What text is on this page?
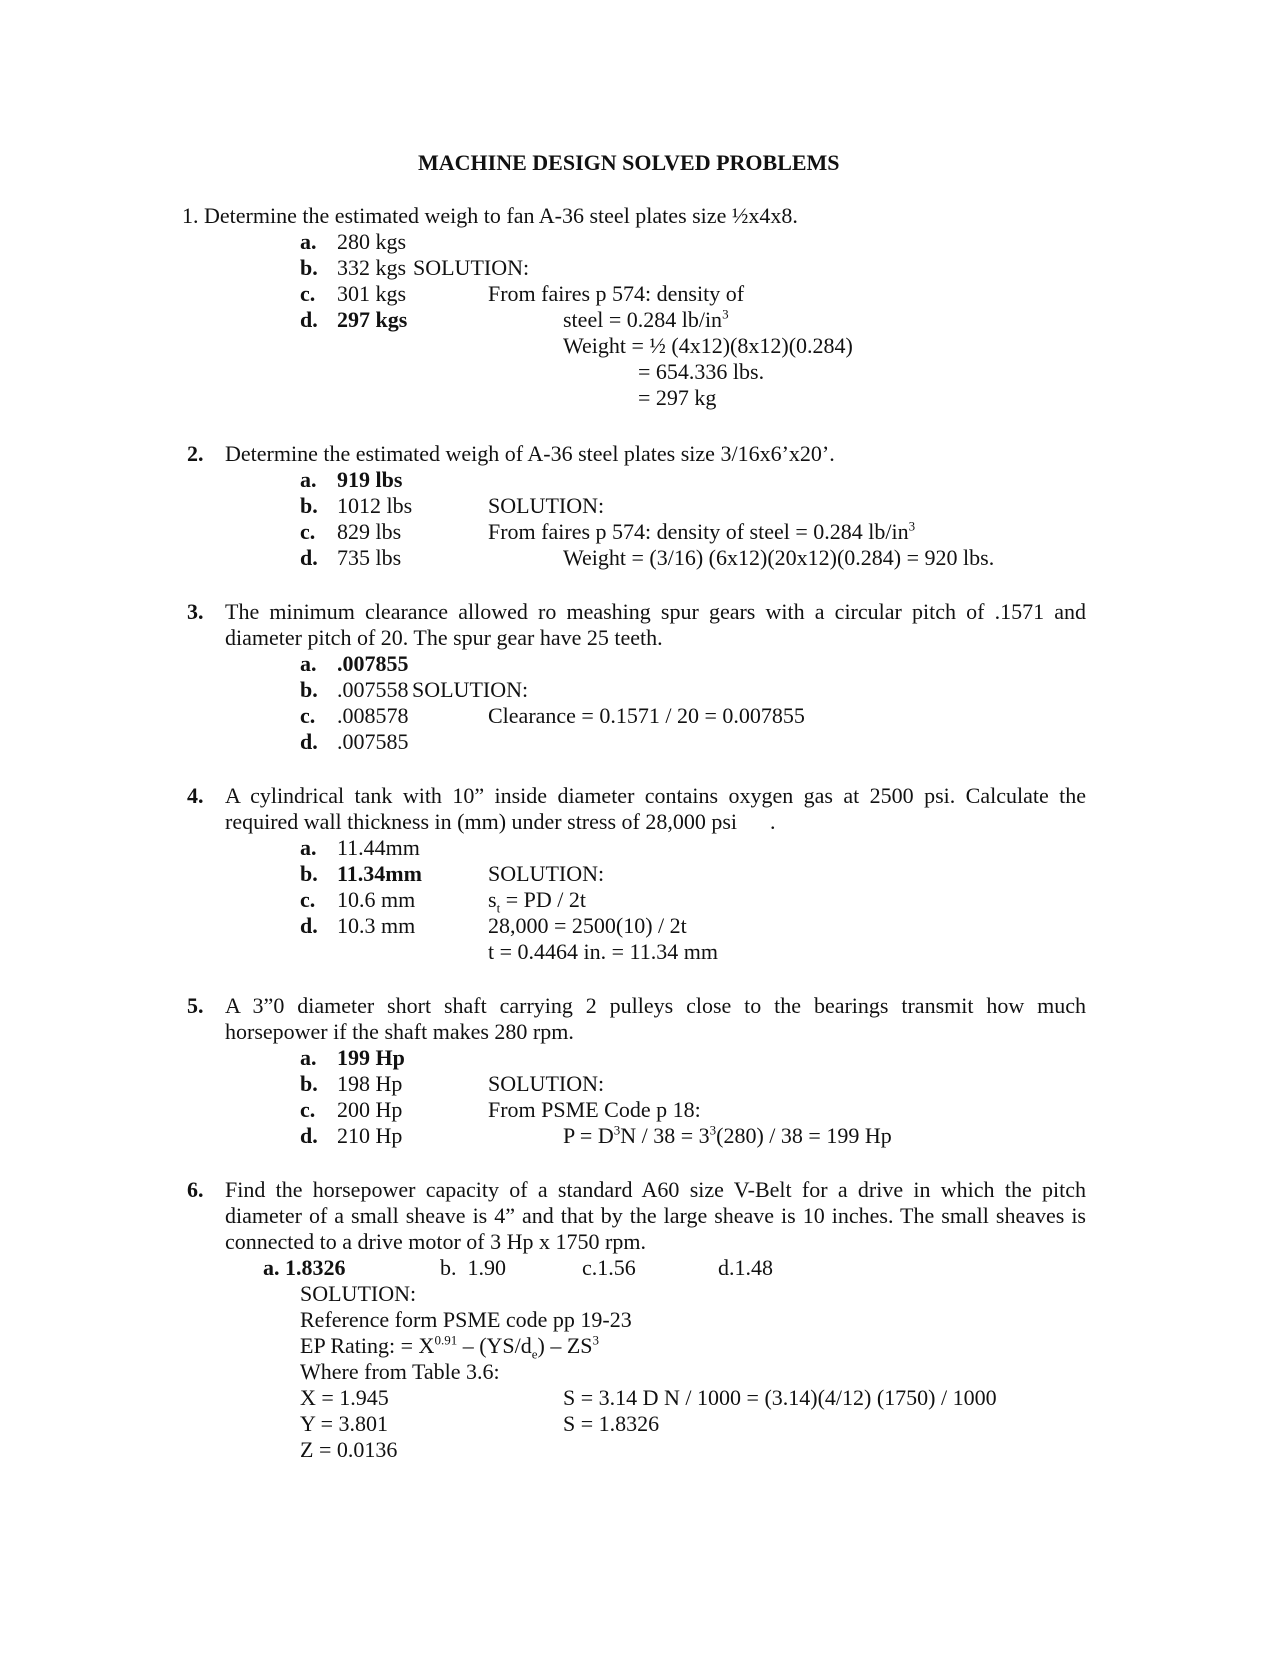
MACHINE DESIGN SOLVED PROBLEMS
1. Determine the estimated weigh to fan A-36 steel plates size ½x4x8.
a. 280 kgs
b. 332 kgs SOLUTION:
c. 301 kgs	From faires p 574: density of
d. 297 kgs	steel = 0.284 $lb/in^3$
Weight = ½ (4x12)(8x12)(0.284)
= 654.336 lbs.
= 297 kg
2. Determine the estimated weigh of A-36 steel plates size 3/16x6’x20’.
a. 919 lbs
b. 1012 lbs	SOLUTION:
c. 829 lbs	From faires p 574: density of steel = 0.284 $lb/in^3$
d. 735 lbs	Weight = (3/16) (6x12)(20x12)(0.284) = 920 lbs.
3. The minimum clearance allowed ro meashing spur gears with a circular pitch of .1571 and diameter pitch of 20. The spur gear have 25 teeth.
a. .007855
b. .007558 SOLUTION:
c. .008578	Clearance = 0.1571 / 20 = 0.007855
d. .007585
4. A cylindrical tank with 10” inside diameter contains oxygen gas at 2500 psi. Calculate the required wall thickness in (mm) under stress of 28,000 psi      .
a. 11.44mm
b. 11.34mm	SOLUTION:
c. 10.6 mm	$s_t$ = PD / 2t
d. 10.3 mm	28,000 = 2500(10) / 2t
t = 0.4464 in. = 11.34 mm
5. A 3”0 diameter short shaft carrying 2 pulleys close to the bearings transmit how much horsepower if the shaft makes 280 rpm.
a. 199 Hp
b. 198 Hp	SOLUTION:
c. 200 Hp	From PSME Code p 18:
d. 210 Hp	$P = D^3N / 38 = 3^3(280) / 38 = 199$ Hp
6. Find the horsepower capacity of a standard A60 size V-Belt for a drive in which the pitch diameter of a small sheave is 4” and that by the large sheave is 10 inches. The small sheaves is connected to a drive motor of 3 Hp x 1750 rpm.
a. 1.8326	b. 1.90	c.1.56	d.1.48
SOLUTION:
Reference form PSME code pp 19-23
EP Rating: = $X^{0.91} - (YS/d_e) - ZS^3$
Where from Table 3.6:
X = 1.945	S = 3.14 D N / 1000 = (3.14)(4/12) (1750) / 1000
Y = 3.801	S = 1.8326
Z = 0.0136
